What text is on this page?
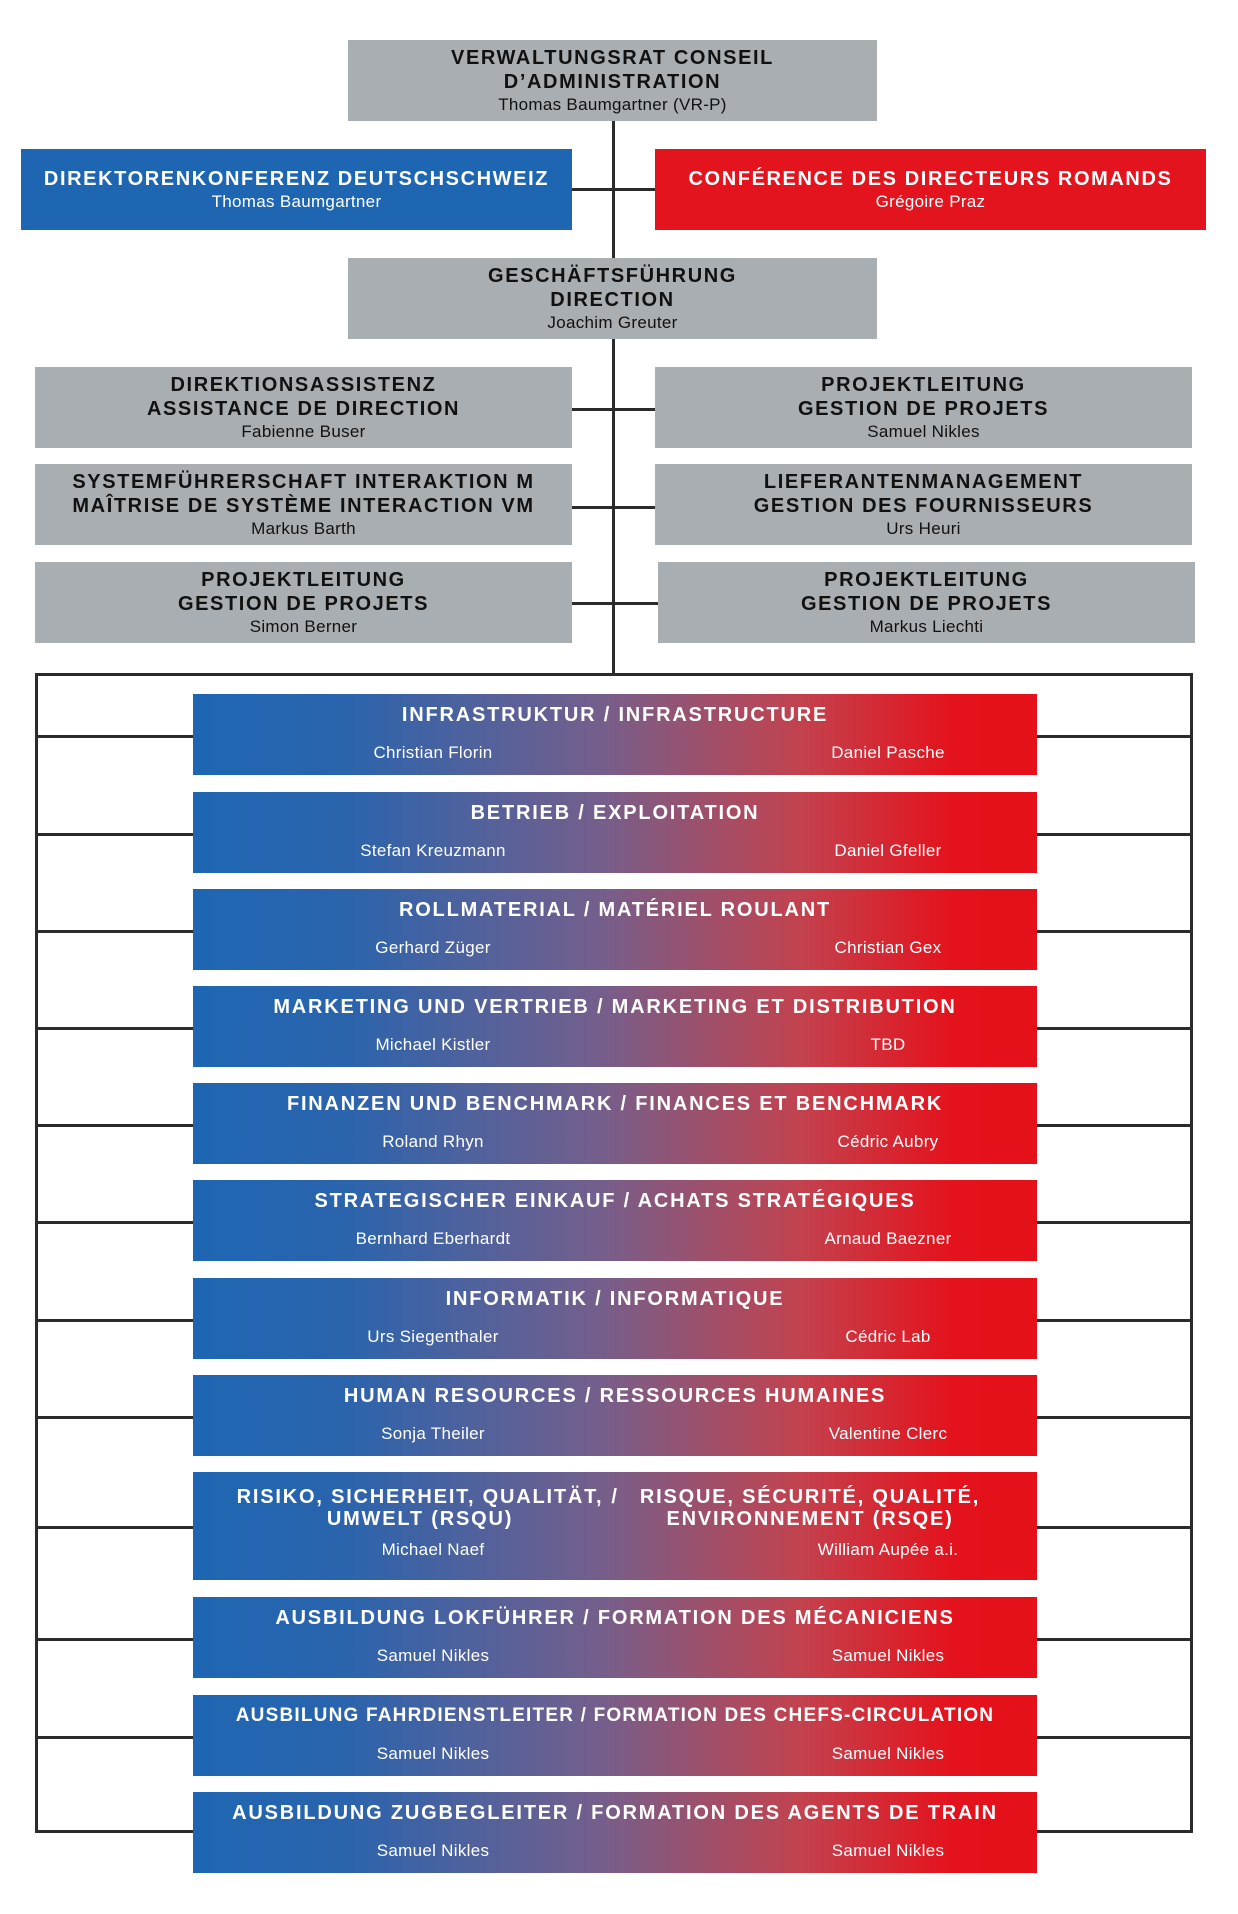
VERWALTUNGSRAT CONSEIL
D’ADMINISTRATION
Thomas Baumgartner (VR-P)
DIREKTORENKONFERENZ DEUTSCHSCHWEIZ
Thomas Baumgartner
CONFÉRENCE DES DIRECTEURS ROMANDS
Grégoire Praz
GESCHÄFTSFÜHRUNG
DIRECTION
Joachim Greuter
DIREKTIONSASSISTENZ
ASSISTANCE DE DIRECTION
Fabienne Buser
PROJEKTLEITUNG
GESTION DE PROJETS
Samuel Nikles
SYSTEMFÜHRERSCHAFT INTERAKTION M
MAÎTRISE DE SYSTÈME INTERACTION VM
Markus Barth
LIEFERANTENMANAGEMENT
GESTION DES FOURNISSEURS
Urs Heuri
PROJEKTLEITUNG
GESTION DE PROJETS
Simon Berner
PROJEKTLEITUNG
GESTION DE PROJETS
Markus Liechti
INFRASTRUKTUR / INFRASTRUCTURE
Christian Florin	Daniel Pasche
BETRIEB / EXPLOITATION
Stefan Kreuzmann	Daniel Gfeller
ROLLMATERIAL / MATÉRIEL ROULANT
Gerhard Züger	Christian Gex
MARKETING UND VERTRIEB / MARKETING ET DISTRIBUTION
Michael Kistler	TBD
FINANZEN UND BENCHMARK / FINANCES ET BENCHMARK
Roland Rhyn	Cédric Aubry
STRATEGISCHER EINKAUF / ACHATS STRATÉGIQUES
Bernhard Eberhardt	Arnaud Baezner
INFORMATIK / INFORMATIQUE
Urs Siegenthaler	Cédric Lab
HUMAN RESOURCES / RESSOURCES HUMAINES
Sonja Theiler	Valentine Clerc
RISIKO, SICHERHEIT, QUALITÄT,
UMWELT (RSQU)
/	RISQUE, SÉCURITÉ, QUALITÉ,
ENVIRONNEMENT (RSQE)
Michael Naef	William Aupée a.i.
AUSBILDUNG LOKFÜHRER / FORMATION DES MÉCANICIENS
Samuel Nikles	Samuel Nikles
AUSBILUNG FAHRDIENSTLEITER / FORMATION DES CHEFS-CIRCULATION
Samuel Nikles	Samuel Nikles
AUSBILDUNG ZUGBEGLEITER / FORMATION DES AGENTS DE TRAIN
Samuel Nikles	Samuel Nikles
